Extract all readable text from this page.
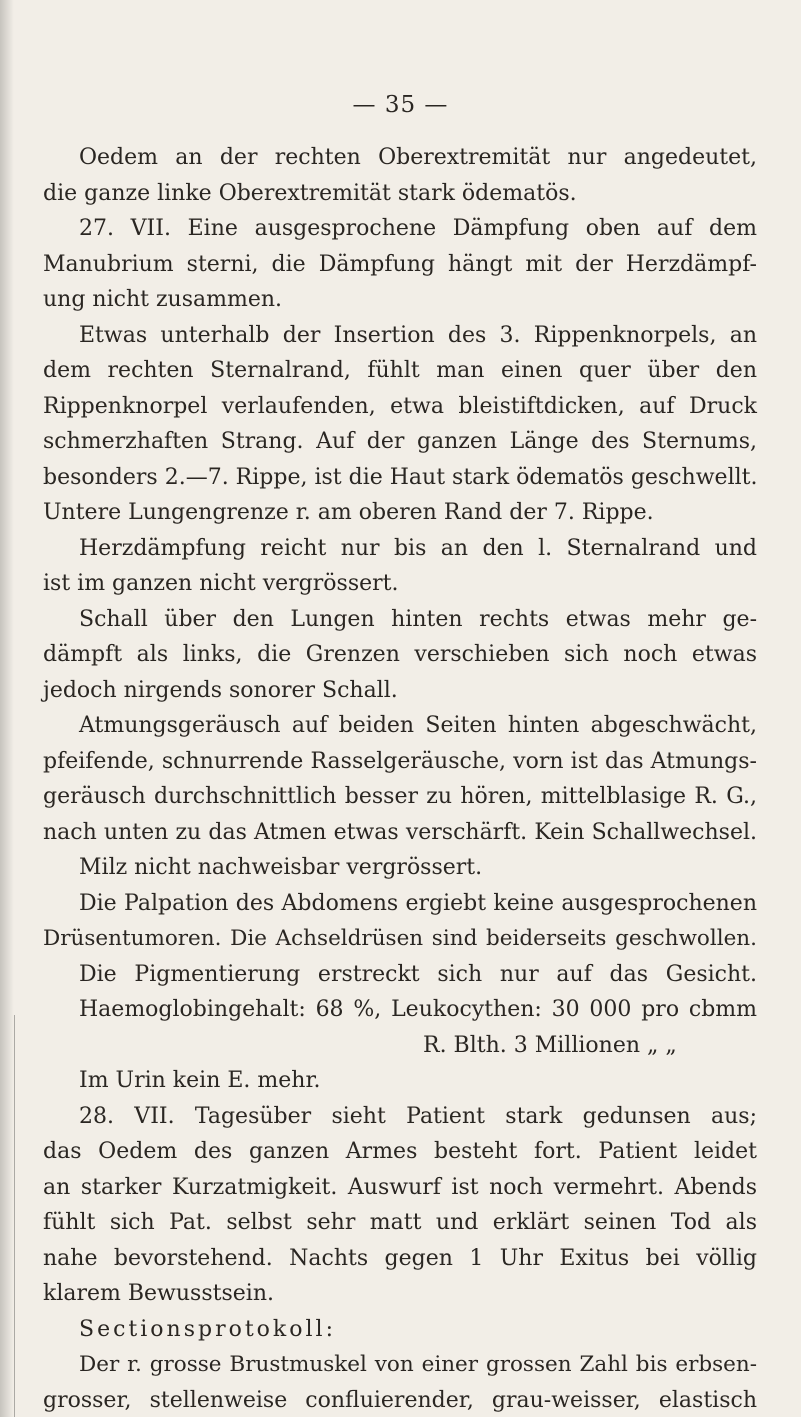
— 35 —
Oedem an der rechten Oberextremität nur angedeutet,
die ganze linke Oberextremität stark ödematös.
27. VII. Eine ausgesprochene Dämpfung oben auf dem
Manubrium sterni, die Dämpfung hängt mit der Herzdämpf-
ung nicht zusammen.
Etwas unterhalb der Insertion des 3. Rippenknorpels, an
dem rechten Sternalrand, fühlt man einen quer über den
Rippenknorpel verlaufenden, etwa bleistiftdicken, auf Druck
schmerzhaften Strang. Auf der ganzen Länge des Sternums,
besonders 2.—7. Rippe, ist die Haut stark ödematös geschwellt.
Untere Lungengrenze r. am oberen Rand der 7. Rippe.
Herzdämpfung reicht nur bis an den l. Sternalrand und
ist im ganzen nicht vergrössert.
Schall über den Lungen hinten rechts etwas mehr ge-
dämpft als links, die Grenzen verschieben sich noch etwas
jedoch nirgends sonorer Schall.
Atmungsgeräusch auf beiden Seiten hinten abgeschwächt,
pfeifende, schnurrende Rasselgeräusche, vorn ist das Atmungs-
geräusch durchschnittlich besser zu hören, mittelblasige R. G.,
nach unten zu das Atmen etwas verschärft. Kein Schallwechsel.
Milz nicht nachweisbar vergrössert.
Die Palpation des Abdomens ergiebt keine ausgesprochenen
Drüsentumoren. Die Achseldrüsen sind beiderseits geschwollen.
Die Pigmentierung erstreckt sich nur auf das Gesicht.
Haemoglobingehalt: 68 %, Leukocythen: 30 000 pro cbmm
R. Blth. 3 Millionen „ „
Im Urin kein E. mehr.
28. VII. Tagesüber sieht Patient stark gedunsen aus;
das Oedem des ganzen Armes besteht fort. Patient leidet
an starker Kurzatmigkeit. Auswurf ist noch vermehrt. Abends
fühlt sich Pat. selbst sehr matt und erklärt seinen Tod als
nahe bevorstehend. Nachts gegen 1 Uhr Exitus bei völlig
klarem Bewusstsein.
Sectionsprotokoll:
Der r. grosse Brustmuskel von einer grossen Zahl bis erbsen-
grosser, stellenweise confluierender, grau-weisser, elastisch
